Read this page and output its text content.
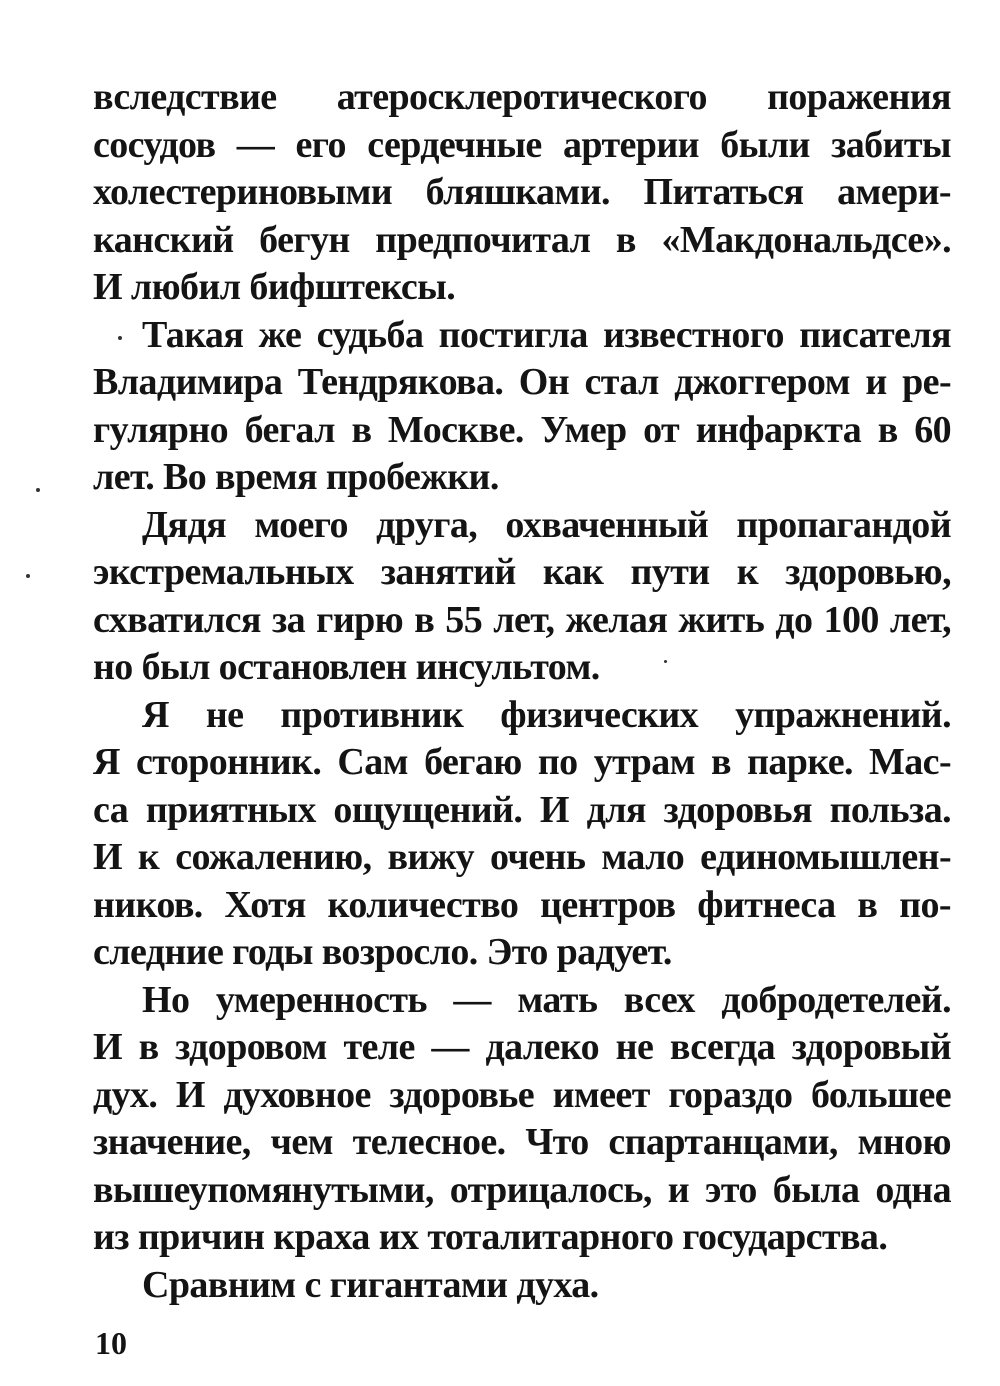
вследствие атеросклеротического поражения
сосудов — его сердечные артерии были забиты
холестериновыми бляшками. Питаться амери-
канский бегун предпочитал в «Макдональдсе».
И любил бифштексы.
Такая же судьба постигла известного писателя
Владимира Тендрякова. Он стал джоггером и ре-
гулярно бегал в Москве. Умер от инфаркта в 60
лет. Во время пробежки.
Дядя моего друга, охваченный пропагандой
экстремальных занятий как пути к здоровью,
схватился за гирю в 55 лет, желая жить до 100 лет,
но был остановлен инсультом.
Я не противник физических упражнений.
Я сторонник. Сам бегаю по утрам в парке. Мас-
са приятных ощущений. И для здоровья польза.
И к сожалению, вижу очень мало единомышлен-
ников. Хотя количество центров фитнеса в по-
следние годы возросло. Это радует.
Но умеренность — мать всех добродетелей.
И в здоровом теле — далеко не всегда здоровый
дух. И духовное здоровье имеет гораздо большее
значение, чем телесное. Что спартанцами, мною
вышеупомянутыми, отрицалось, и это была одна
из причин краха их тоталитарного государства.
Сравним с гигантами духа.
10
